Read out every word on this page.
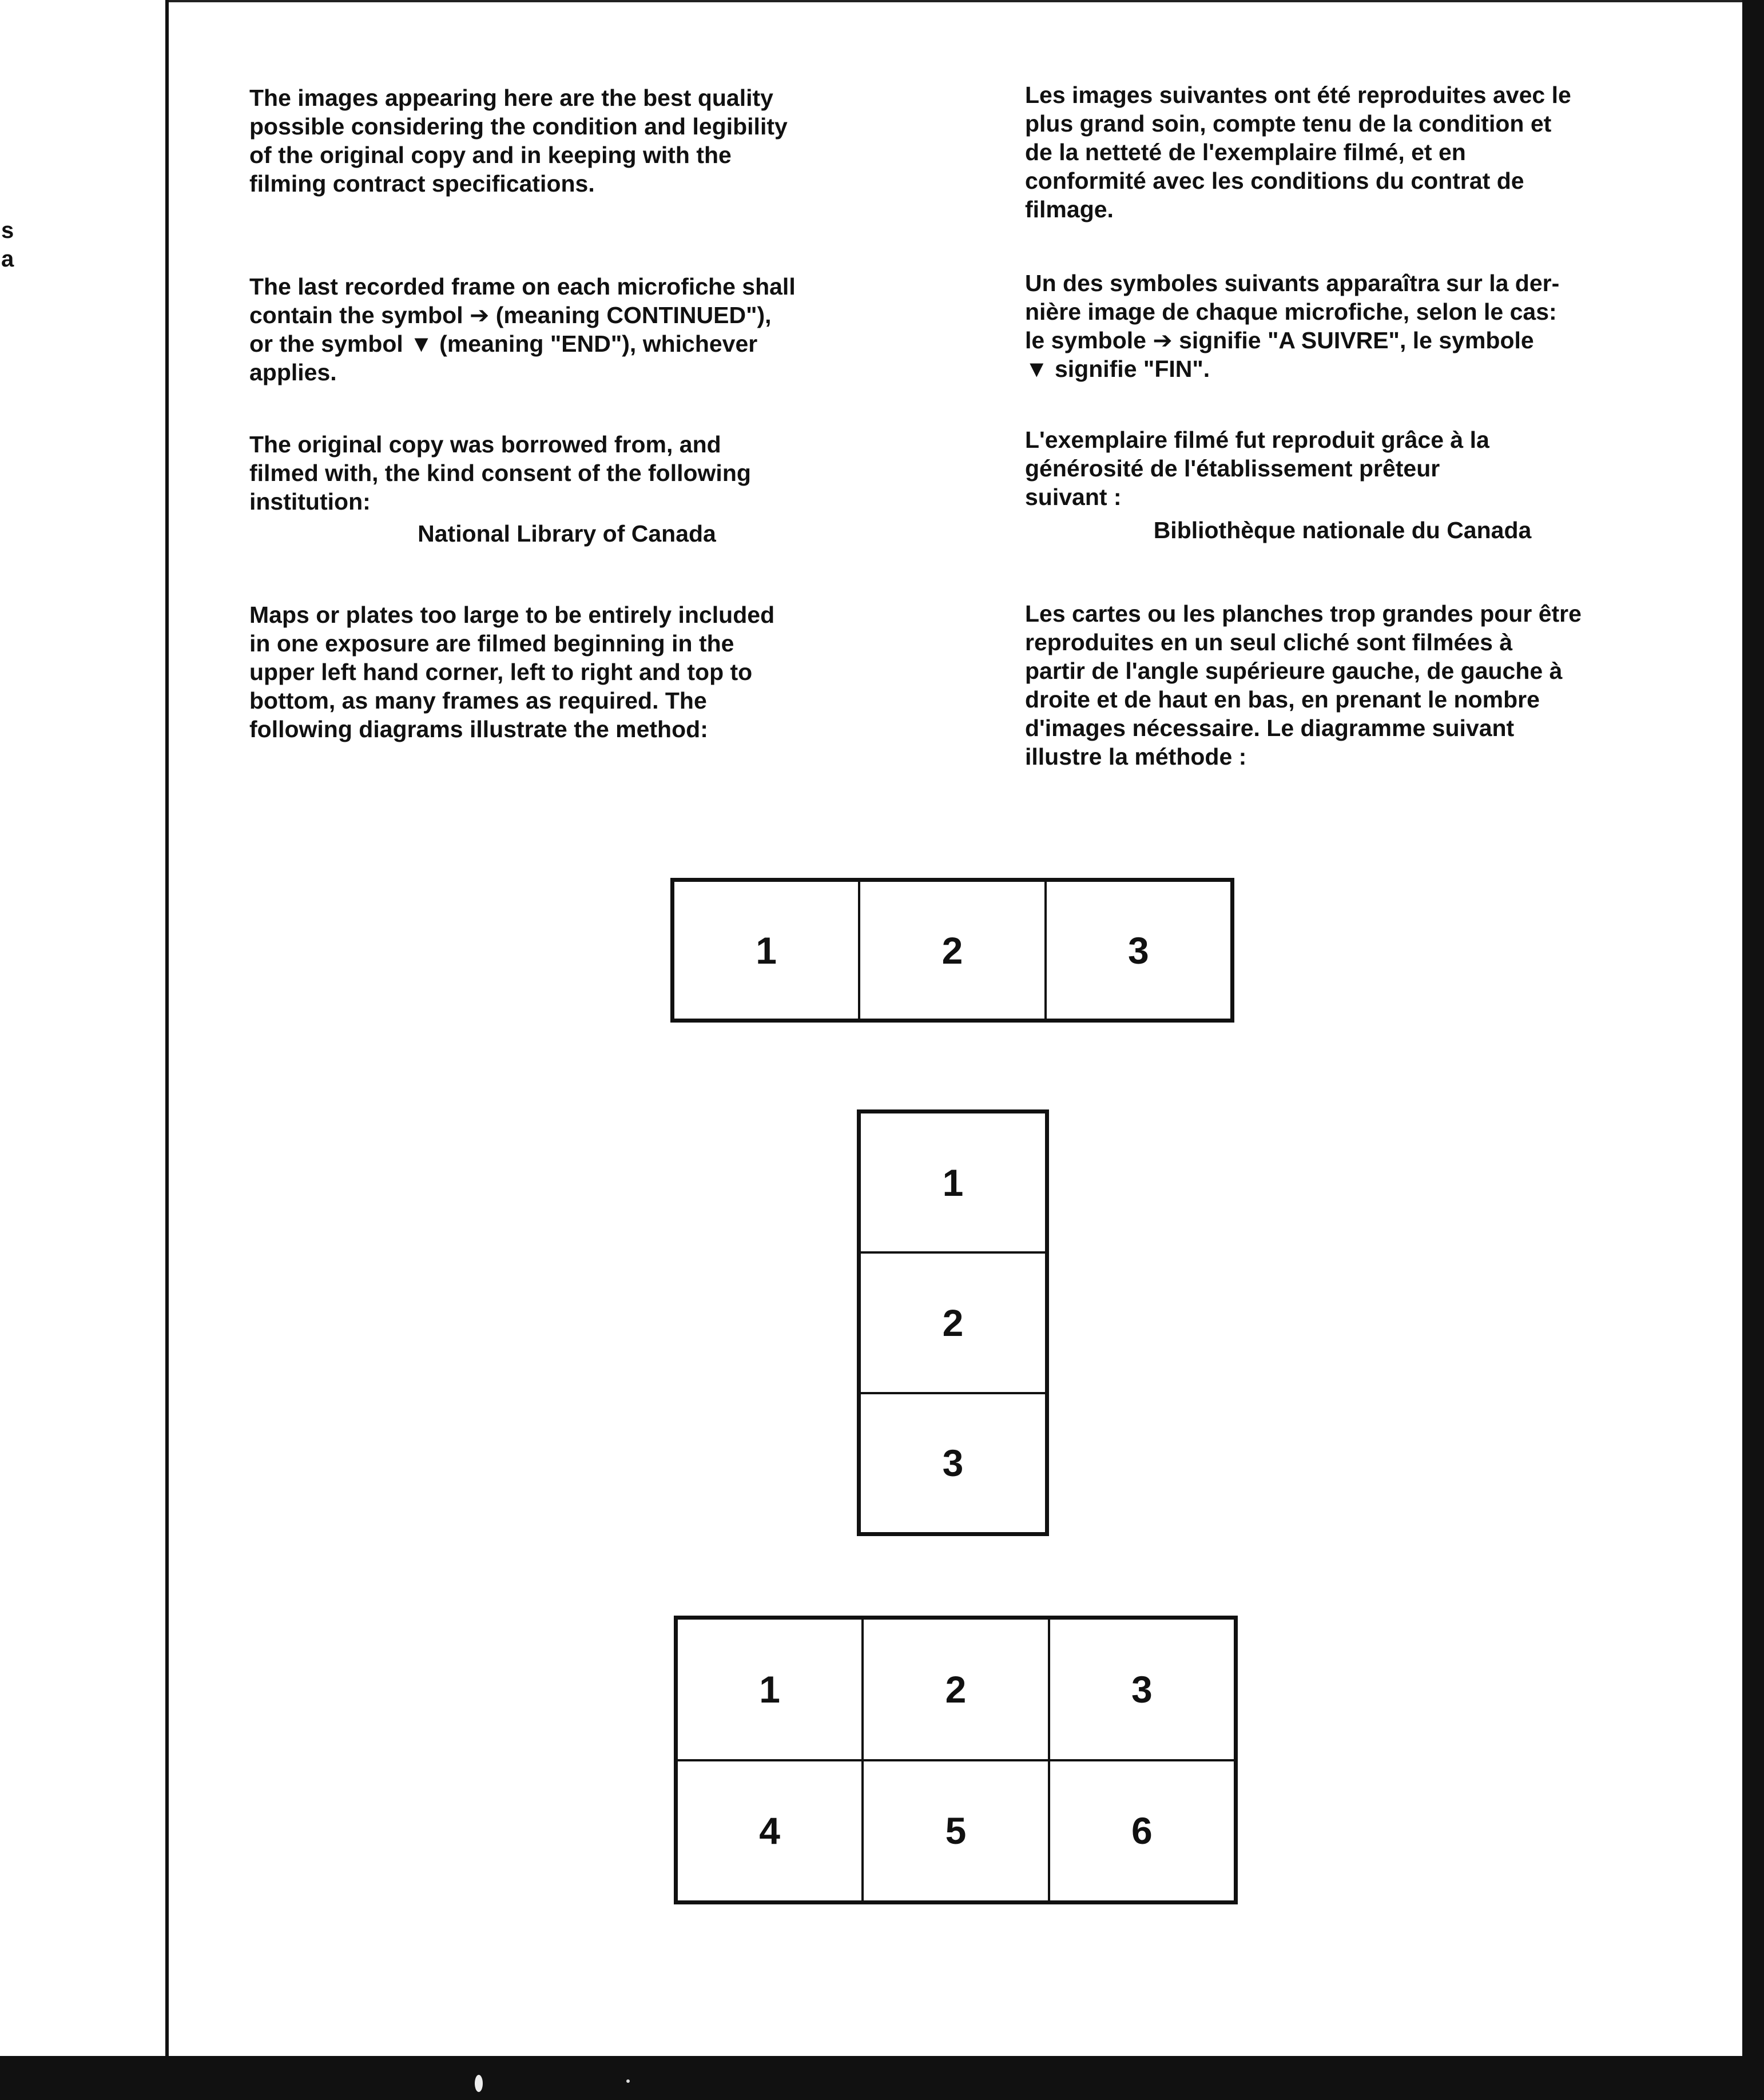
s
a

The images appearing here are the best quality
possible considering the condition and legibility
of the original copy and in keeping with the
filming contract specifications.

The last recorded frame on each microfiche shall
contain the symbol ➔ (meaning CONTINUED"),
or the symbol ▼ (meaning "END"), whichever
applies.

The original copy was borrowed from, and
filmed with, the kind consent of the following
institution:

National Library of Canada

Maps or plates too large to be entirely included
in one exposure are filmed beginning in the
upper left hand corner, left to right and top to
bottom, as many frames as required. The
following diagrams illustrate the method:

Les images suivantes ont été reproduites avec le
plus grand soin, compte tenu de la condition et
de la netteté de l'exemplaire filmé, et en
conformité avec les conditions du contrat de
filmage.

Un des symboles suivants apparaîtra sur la der-
nière image de chaque microfiche, selon le cas:
le symbole ➔ signifie "A SUIVRE", le symbole
▼ signifie "FIN".

L'exemplaire filmé fut reproduit grâce à la
générosité de l'établissement prêteur
suivant :

Bibliothèque nationale du Canada

Les cartes ou les planches trop grandes pour être
reproduites en un seul cliché sont filmées à
partir de l'angle supérieure gauche, de gauche à
droite et de haut en bas, en prenant le nombre
d'images nécessaire. Le diagramme suivant
illustre la méthode :

1	2	3
1
2
3
1	2	3
4	5	6
